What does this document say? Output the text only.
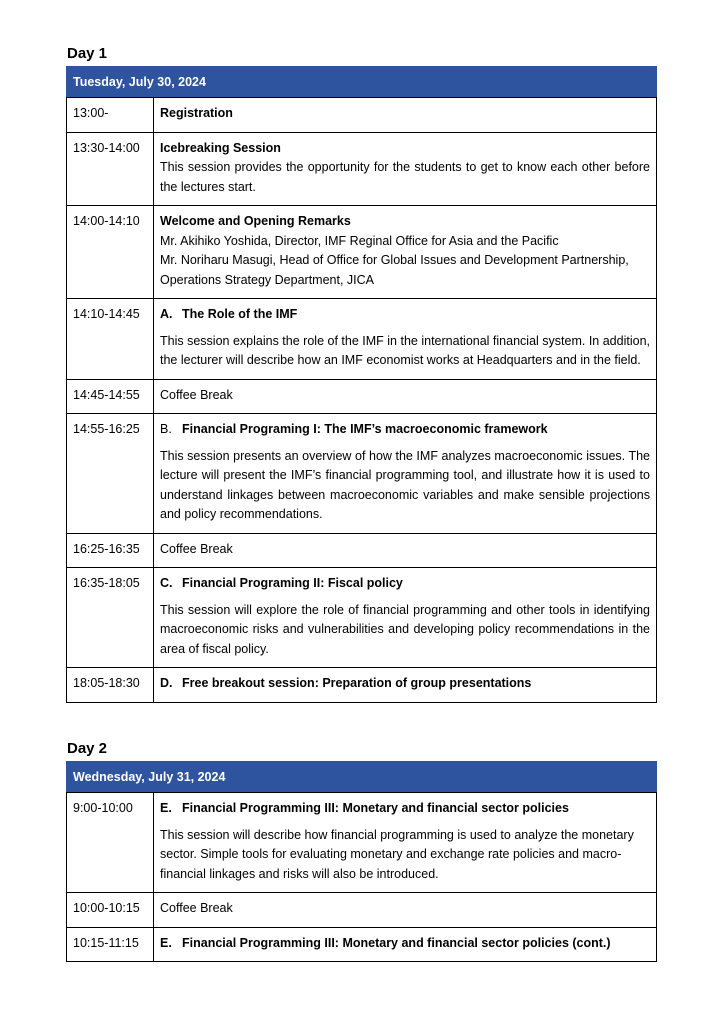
Day 1
Tuesday, July 30, 2024	
13:00-	Registration

13:30-14:00	Icebreaking Session
This session provides the opportunity for the students to get to know each other before the lectures start.

14:00-14:10	Welcome and Opening Remarks
Mr. Akihiko Yoshida, Director, IMF Reginal Office for Asia and the Pacific
Mr. Noriharu Masugi, Head of Office for Global Issues and Development Partnership, Operations Strategy Department, JICA

14:10-14:45	A. The Role of the IMF
This session explains the role of the IMF in the international financial system. In addition, the lecturer will describe how an IMF economist works at Headquarters and in the field.

14:45-14:55	Coffee Break

14:55-16:25	B. Financial Programing I: The IMF’s macroeconomic framework
This session presents an overview of how the IMF analyzes macroeconomic issues. The lecture will present the IMF’s financial programming tool, and illustrate how it is used to understand linkages between macroeconomic variables and make sensible projections and policy recommendations.

16:25-16:35	Coffee Break

16:35-18:05	C. Financial Programing II: Fiscal policy
This session will explore the role of financial programming and other tools in identifying macroeconomic risks and vulnerabilities and developing policy recommendations in the area of fiscal policy.

18:05-18:30	D. Free breakout session: Preparation of group presentations
Day 2
Wednesday, July 31, 2024	
9:00-10:00	E. Financial Programming III: Monetary and financial sector policies
This session will describe how financial programming is used to analyze the monetary sector. Simple tools for evaluating monetary and exchange rate policies and macro-financial linkages and risks will also be introduced.

10:00-10:15	Coffee Break

10:15-11:15	E. Financial Programming III: Monetary and financial sector policies (cont.)
